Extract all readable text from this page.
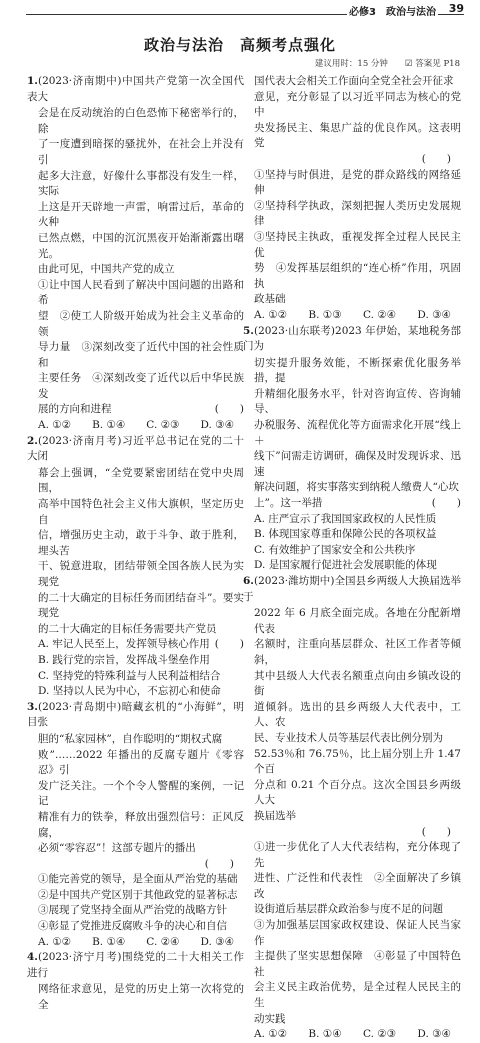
必修3　政治与法治 39
政治与法治　高频考点强化
建议用时：15 分钟　　☑ 答案见 P18
1.(2023·济南期中)中国共产党第一次全国代表大
会是在反动统治的白色恐怖下秘密举行的，除
了一度遭到暗探的骚扰外，在社会上并没有引
起多大注意，好像什么事都没有发生一样，实际
上这是开天辟地一声雷，响雷过后，革命的火种
已然点燃，中国的沉沉黑夜开始渐渐露出曙光。
由此可见，中国共产党的成立
①让中国人民看到了解决中国问题的出路和希
望　②使工人阶级开始成为社会主义革命的领
导力量　③深刻改变了近代中国的社会性质和
主要任务　④深刻改变了近代以后中华民族发
展的方向和进程	(　　)
A. ①② B. ①④ C. ②③ D. ③④
2.(2023·济南月考)习近平总书记在党的二十大闭
幕会上强调，“全党要紧密团结在党中央周围，
高举中国特色社会主义伟大旗帜，坚定历史自
信，增强历史主动，敢于斗争、敢于胜利，埋头苦
干、锐意进取，团结带领全国各族人民为实现党
的二十大确定的目标任务而团结奋斗”。要实现党
的二十大确定的目标任务需要共产党员
(　　)
A. 牢记人民至上，发挥领导核心作用
B. 践行党的宗旨，发挥战斗堡垒作用
C. 坚持党的特殊利益与人民利益相结合
D. 坚持以人民为中心，不忘初心和使命
3.(2023·青岛期中)暗藏玄机的“小海鲜”，明目张
胆的“私家园林”，自作聪明的“期权式腐
败”……2022 年播出的反腐专题片《零容忍》引
发广泛关注。一个个令人警醒的案例，一记记
精准有力的铁拳，释放出强烈信号：正风反腐，
必须“零容忍”！这部专题片的播出
(　　)
①能完善党的领导，是全面从严治党的基础
②是中国共产党区别于其他政党的显著标志
③展现了党坚持全面从严治党的战略方针
④彰显了党推进反腐败斗争的决心和自信
A. ①② B. ①④ C. ②④ D. ③④
4.(2023·济宁月考)围绕党的二十大相关工作进行
网络征求意见，是党的历史上第一次将党的全
国代表大会相关工作面向全党全社会开征求
意见，充分彰显了以习近平同志为核心的党中
央发扬民主、集思广益的优良作风。这表明党
(　　)
①坚持与时俱进，是党的群众路线的网络延伸
②坚持科学执政，深刻把握人类历史发展规律
③坚持民主执政，重视发挥全过程人民民主优
势　④发挥基层组织的“连心桥”作用，巩固执
政基础
A. ①② B. ①③ C. ②④ D. ③④
5.(2023·山东联考)2023 年伊始，某地税务部门为
切实提升服务效能，不断探索优化服务举措，提
升精细化服务水平，针对咨询宣传、咨询辅导、
办税服务、流程优化等方面需求化开展“线上＋
线下”问需走访调研，确保及时发现诉求、迅速
解决问题，将实事落实到纳税人缴费人“心坎
上”。这一举措	(　　)
A. 庄严宣示了我国国家政权的人民性质
B. 体现国家尊重和保障公民的各项权益
C. 有效维护了国家安全和公共秩序
D. 是国家履行促进社会发展职能的体现
6.(2023·潍坊期中)全国县乡两级人大换届选举于
2022 年 6 月底全面完成。各地在分配新增代表
名额时，注重向基层群众、社区工作者等倾斜，
其中县级人大代表名额重点向由乡镇改设的街
道倾斜。选出的县乡两级人大代表中，工人、农
民、专业技术人员等基层代表比例分别为
52.53％和 76.75％，比上届分别上升 1.47 个百
分点和 0.21 个百分点。这次全国县乡两级人大
换届选举
(　　)
①进一步优化了人大代表结构，充分体现了先
进性、广泛性和代表性　②全面解决了乡镇改
设街道后基层群众政治参与度不足的问题
③为加强基层国家政权建设、保证人民当家作
主提供了坚实思想保障　④彰显了中国特色社
会主义民主政治优势，是全过程人民民主的生
动实践
A. ①② B. ①④ C. ②③ D. ③④
